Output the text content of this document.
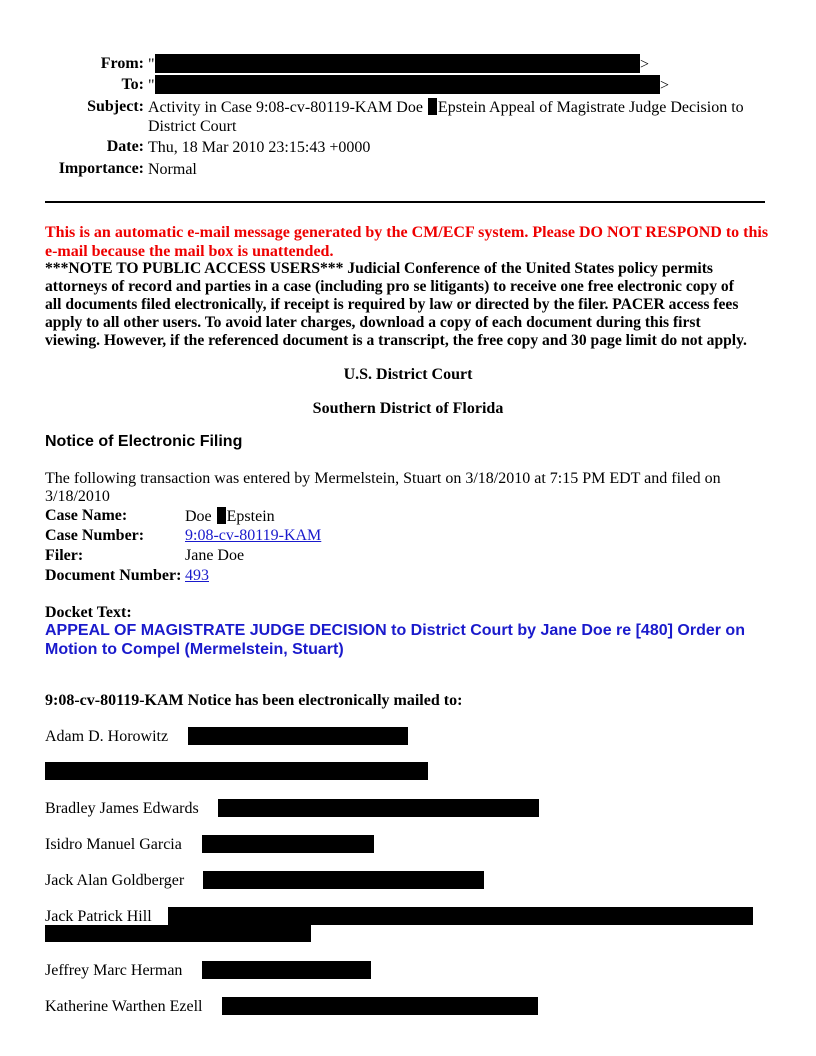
From: "	>
To: "	>
Subject: Activity in Case 9:08-cv-80119-KAM Doe Epstein Appeal of Magistrate Judge Decision to
District Court
Date: Thu, 18 Mar 2010 23:15:43 +0000
Importance: Normal
This is an automatic e-mail message generated by the CM/ECF system. Please DO NOT RESPOND to this
e-mail because the mail box is unattended.
***NOTE TO PUBLIC ACCESS USERS*** Judicial Conference of the United States policy permits
attorneys of record and parties in a case (including pro se litigants) to receive one free electronic copy of
all documents filed electronically, if receipt is required by law or directed by the filer. PACER access fees
apply to all other users. To avoid later charges, download a copy of each document during this first
viewing. However, if the referenced document is a transcript, the free copy and 30 page limit do not apply.
U.S. District Court
Southern District of Florida
Notice of Electronic Filing
The following transaction was entered by Mermelstein, Stuart on 3/18/2010 at 7:15 PM EDT and filed on
3/18/2010
Case Name:	Doe Epstein
Case Number:	9:08-cv-80119-KAM
Filer:	Jane Doe
Document Number: 493
Docket Text:
APPEAL OF MAGISTRATE JUDGE DECISION to District Court by Jane Doe re [480] Order on
Motion to Compel (Mermelstein, Stuart)
9:08-cv-80119-KAM Notice has been electronically mailed to:
Adam D. Horowitz
Bradley James Edwards
Isidro Manuel Garcia
Jack Alan Goldberger
Jack Patrick Hill
Jeffrey Marc Herman
Katherine Warthen Ezell
